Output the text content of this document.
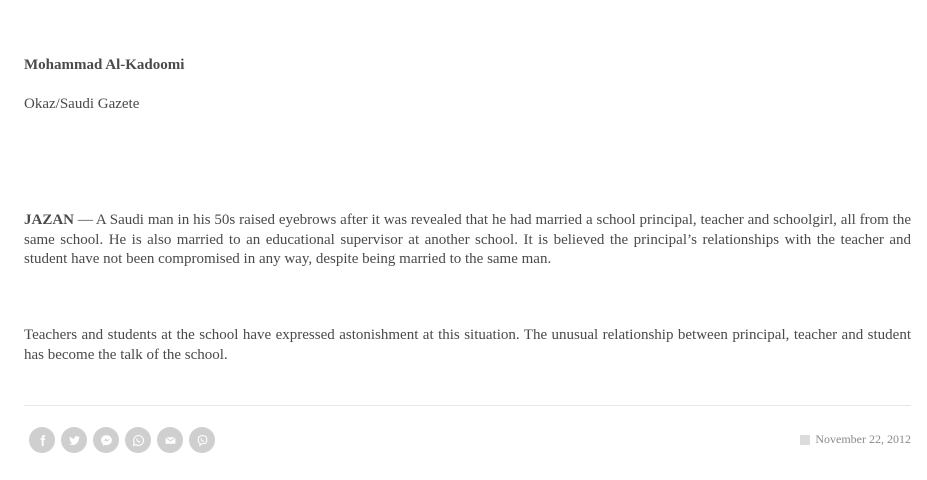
Mohammad Al-Kadoomi
Okaz/Saudi Gazete

JAZAN — A Saudi man in his 50s raised eyebrows after it was revealed that he had married a school principal, teacher and schoolgirl, all from the same school. He is also married to an educational supervisor at another school. It is believed the principal’s relationships with the teacher and student have not been compromised in any way, despite being married to the same man.

Teachers and students at the school have expressed astonishment at this situation. The unusual relationship between principal, teacher and student has become the talk of the school.

November 22, 2012
